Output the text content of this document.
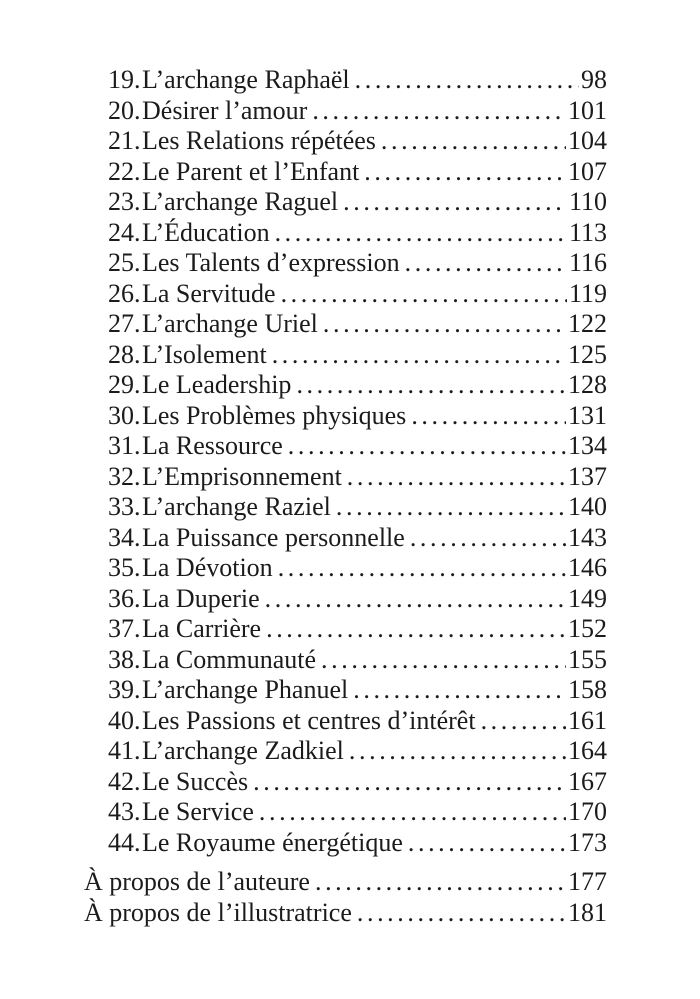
19. L’archange Raphaël .....	98
20. Désirer l’amour .....	101
21. Les Relations répétées .....	104
22. Le Parent et l’Enfant .....	107
23. L’archange Raguel .....	110
24. L’Éducation .....	113
25. Les Talents d’expression .....	116
26. La Servitude .....	119
27. L’archange Uriel .....	122
28. L’Isolement .....	125
29. Le Leadership .....	128
30. Les Problèmes physiques .....	131
31. La Ressource .....	134
32. L’Emprisonnement .....	137
33. L’archange Raziel .....	140
34. La Puissance personnelle .....	143
35. La Dévotion .....	146
36. La Duperie .....	149
37. La Carrière .....	152
38. La Communauté .....	155
39. L’archange Phanuel .....	158
40. Les Passions et centres d’intérêt .....	161
41. L’archange Zadkiel .....	164
42. Le Succès .....	167
43. Le Service .....	170
44. Le Royaume énergétique .....	173
À propos de l’auteure .....	177
À propos de l’illustratrice .....	181
